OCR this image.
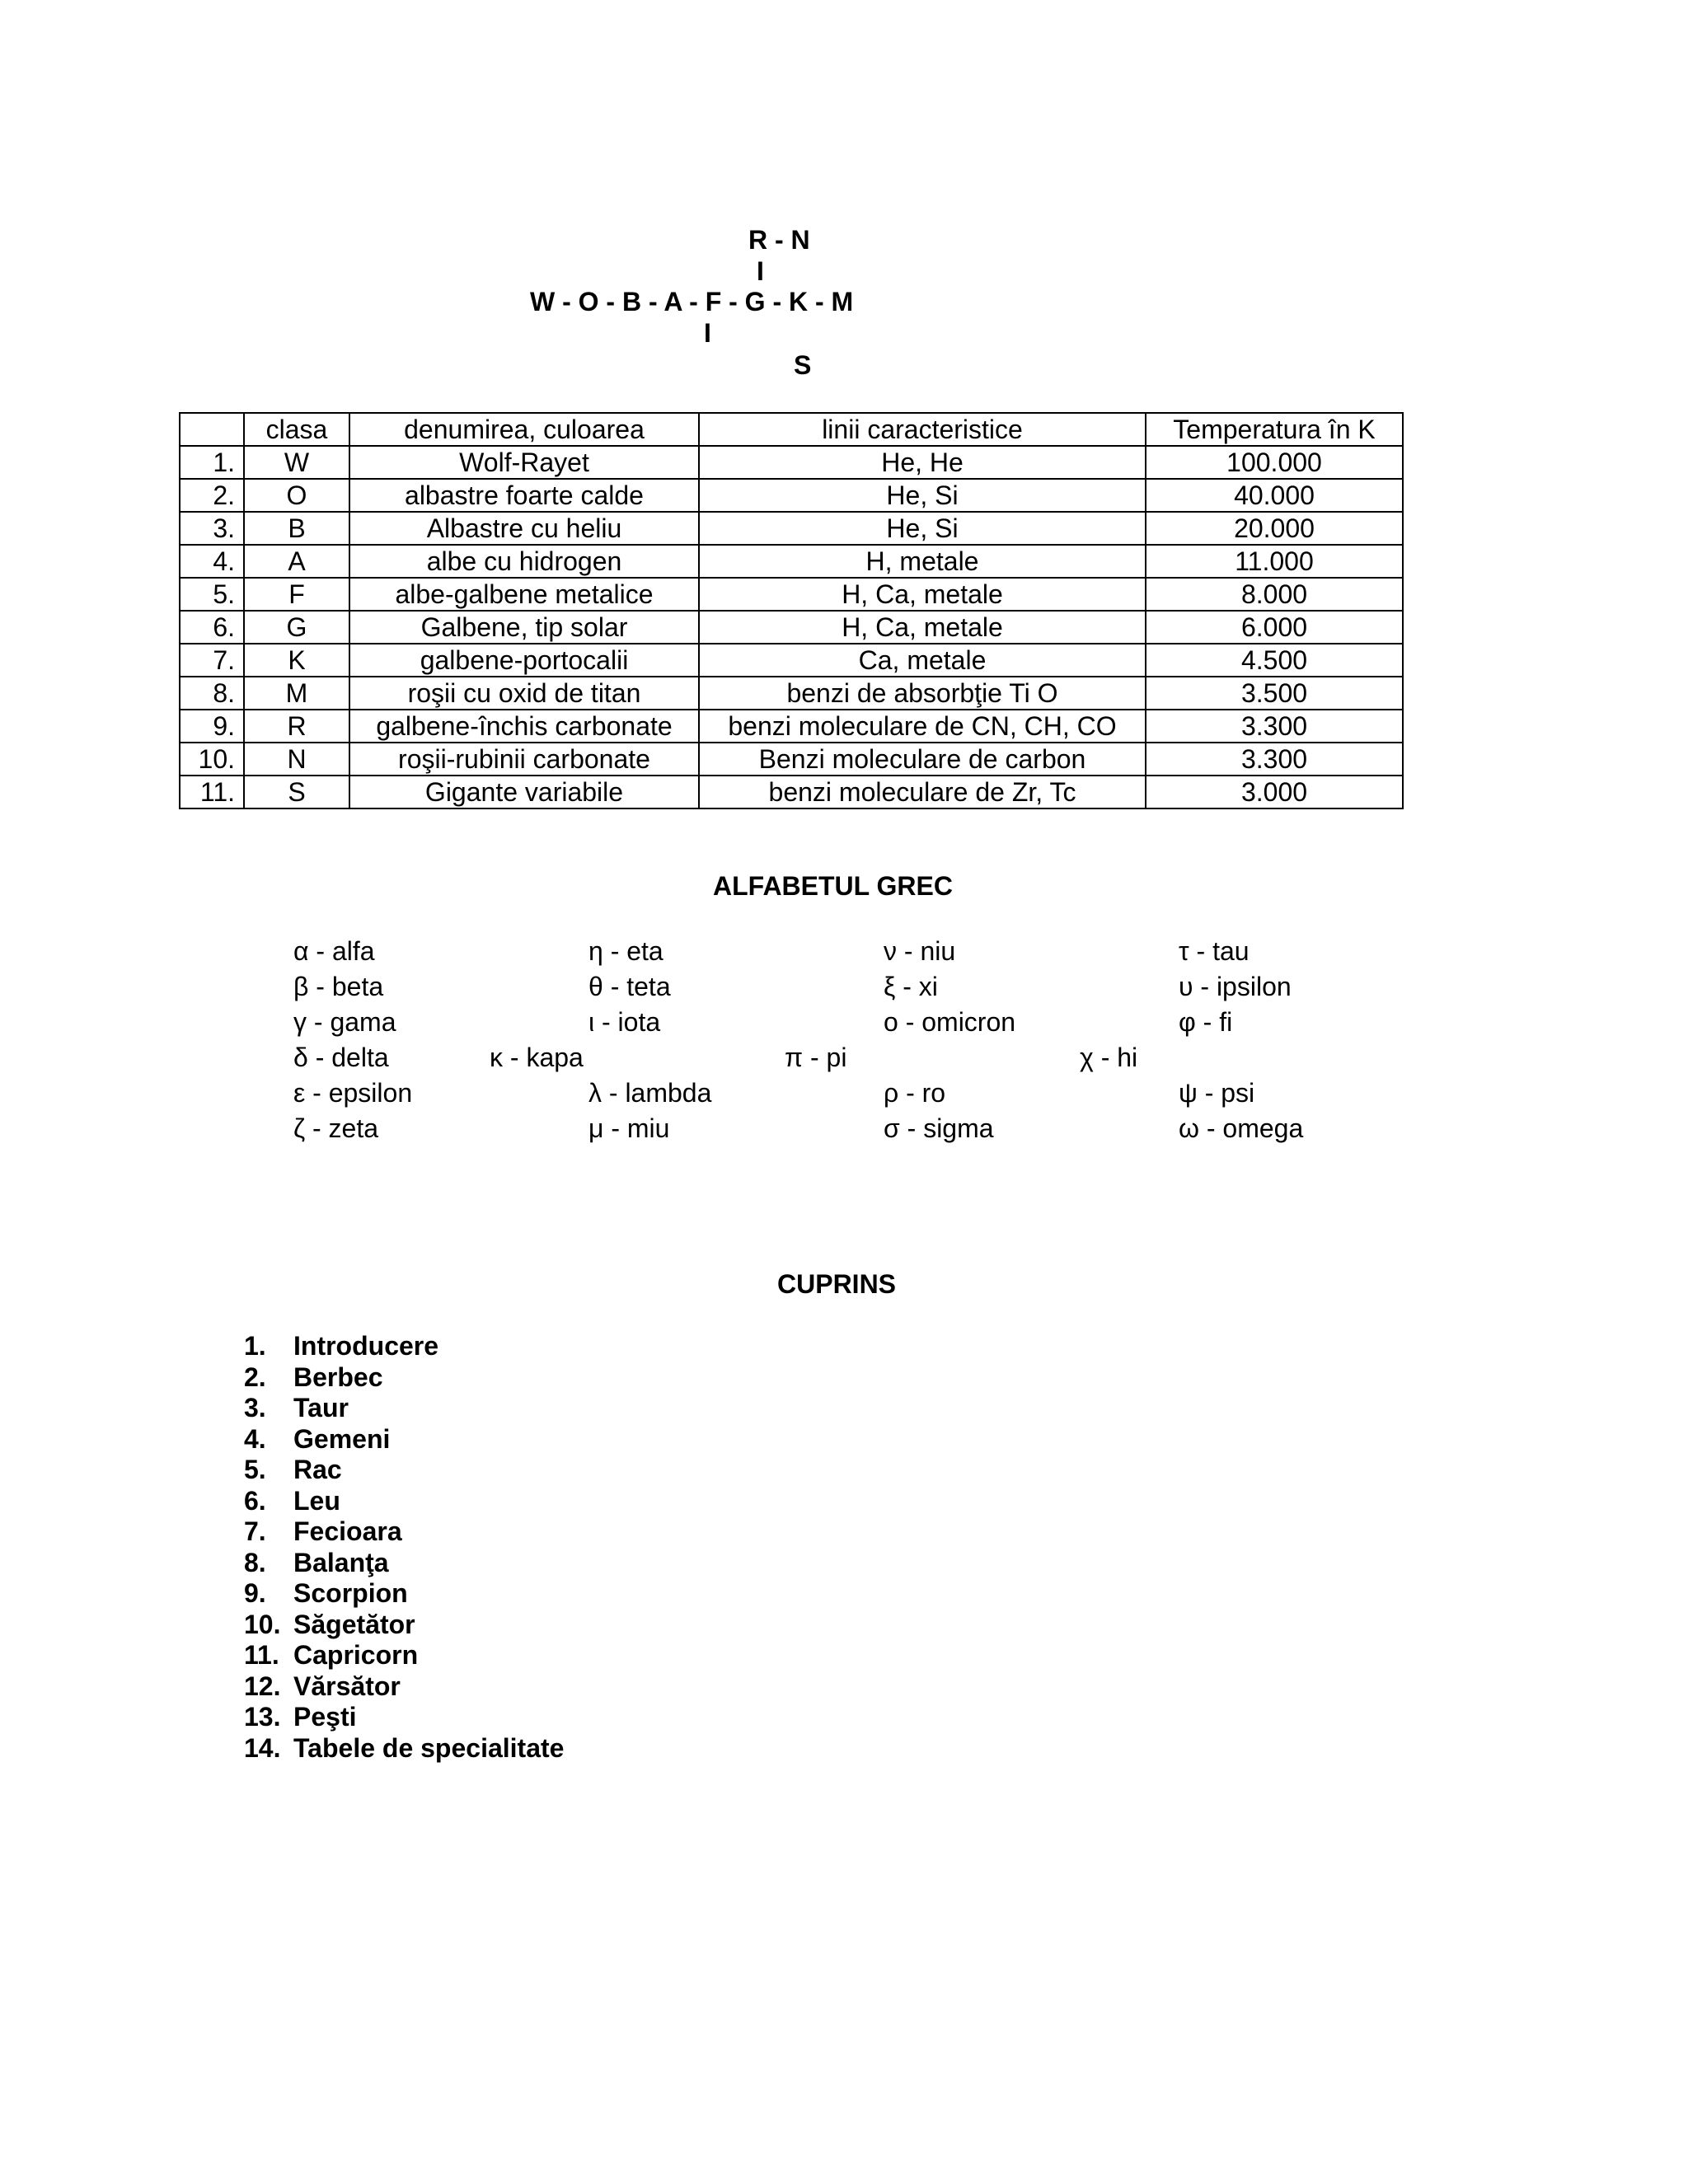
R - N
I
W - O - B - A - F - G - K - M
I
S
	clasa	denumirea, culoarea	linii caracteristice	Temperatura în K
1.	W	Wolf-Rayet	He, He	100.000
2.	O	albastre foarte calde	He, Si	40.000
3.	B	Albastre cu heliu	He, Si	20.000
4.	A	albe cu hidrogen	H, metale	11.000
5.	F	albe-galbene metalice	H, Ca, metale	8.000
6.	G	Galbene, tip solar	H, Ca, metale	6.000
7.	K	galbene-portocalii	Ca, metale	4.500
8.	M	roşii cu oxid de titan	benzi de absorbţie Ti O	3.500
9.	R	galbene-închis carbonate	benzi moleculare de CN, CH, CO	3.300
10.	N	roşii-rubinii carbonate	Benzi moleculare de carbon	3.300
11.	S	Gigante variabile	benzi moleculare de Zr, Tc	3.000
ALFABETUL GREC
α - alfa	η - eta	ν - niu	τ - tau
β - beta	θ - teta	ξ - xi	υ - ipsilon
γ - gama	ι - iota	ο - omicron	φ - fi
δ - delta	κ - kapa	π - pi	χ - hi
ε - epsilon	λ - lambda	ρ - ro	ψ - psi
ζ - zeta	μ - miu	σ - sigma	ω - omega
CUPRINS
1. Introducere
2. Berbec
3. Taur
4. Gemeni
5. Rac
6. Leu
7. Fecioara
8. Balanţa
9. Scorpion
10. Săgetător
11. Capricorn
12. Vărsător
13. Peşti
14. Tabele de specialitate
